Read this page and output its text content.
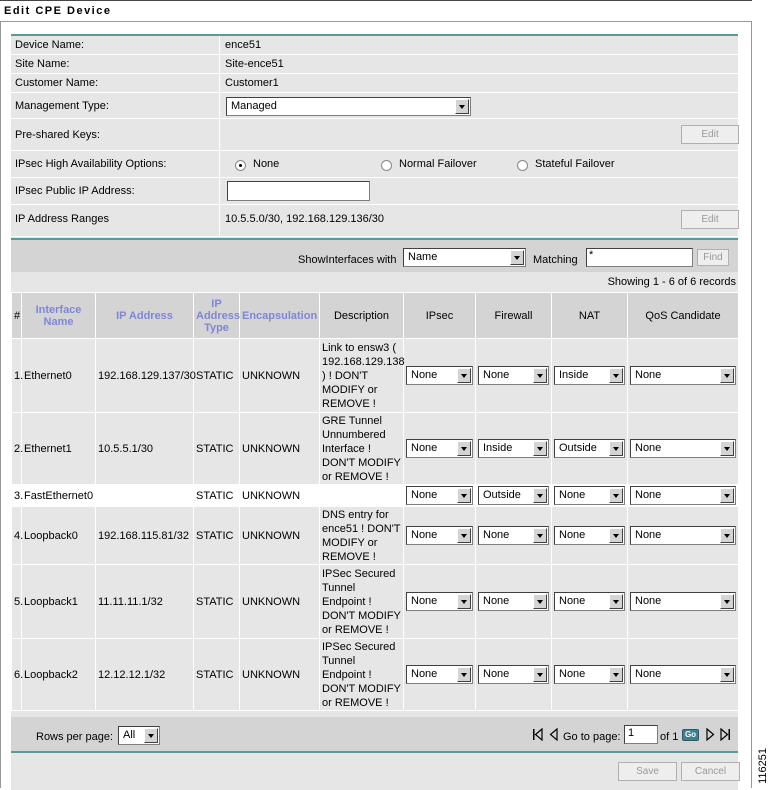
Edit CPE Device
Device Name:	ence51
Site Name:	Site-ence51
Customer Name:	Customer1
Management Type:	Managed
Pre-shared Keys:	Edit
IPsec High Availability Options:	None	Normal Failover	Stateful Failover
IPsec Public IP Address:
IP Address Ranges	10.5.5.0/30, 192.168.129.136/30	Edit
ShowInterfaces with Name	Matching *	Find
Showing 1 - 6 of 6 records
#	Interface Name	IP Address	IP Address Type	Encapsulation	Description	IPsec	Firewall	NAT	QoS Candidate
1.	Ethernet0	192.168.129.137/30	STATIC	UNKNOWN	Link to ensw3 ( 192.168.129.138 ) ! DON'T MODIFY or REMOVE !	None	None	Inside	None

2.	Ethernet1	10.5.5.1/30	STATIC	UNKNOWN	GRE Tunnel Unnumbered Interface ! DON'T MODIFY or REMOVE !	None	Inside	Outside	None

3.	FastEthernet0		STATIC	UNKNOWN		None	Outside	None	None

4.	Loopback0	192.168.115.81/32	STATIC	UNKNOWN	DNS entry for ence51 ! DON'T MODIFY or REMOVE !	None	None	None	None

5.	Loopback1	11.11.11.1/32	STATIC	UNKNOWN	IPSec Secured Tunnel Endpoint ! DON'T MODIFY or REMOVE !	None	None	None	None

6.	Loopback2	12.12.12.1/32	STATIC	UNKNOWN	IPSec Secured Tunnel Endpoint ! DON'T MODIFY or REMOVE !	None	None	None	None
Rows per page: All	Go to page: 1	of 1 Go
Save	Cancel	116251
